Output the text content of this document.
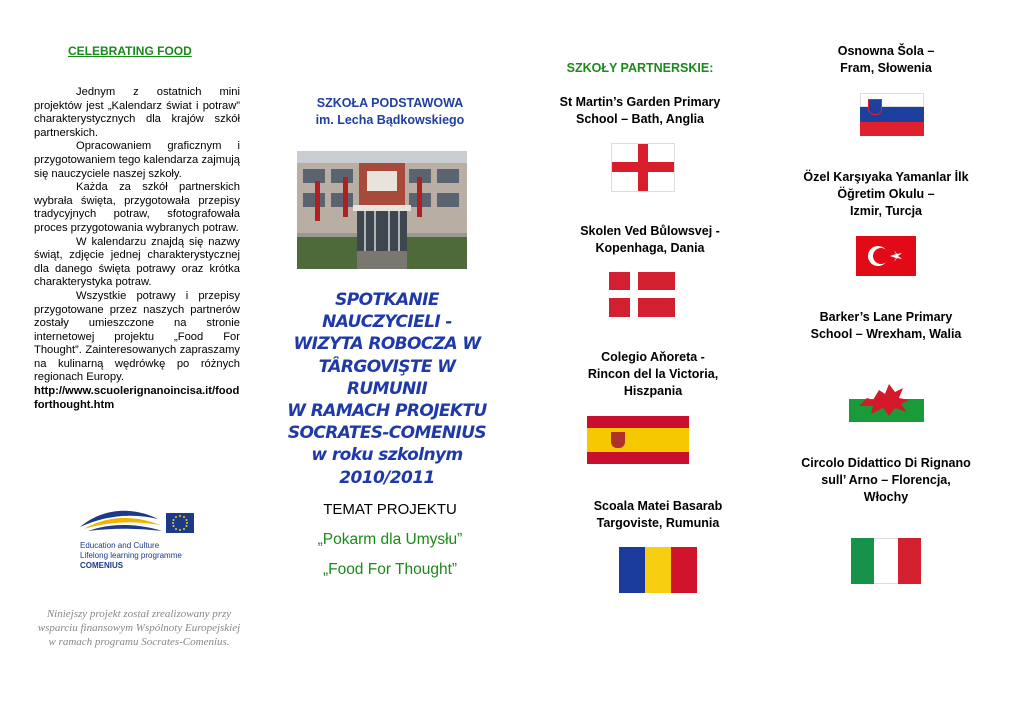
CELEBRATING FOOD

Jednym z ostatnich mini projektów jest „Kalendarz świat i potraw” charakterystycznych dla krajów szkół partnerskich.

Opracowaniem graficznym i przygotowaniem tego kalendarza zajmują się nauczyciele naszej szkoły.

Każda za szkół partnerskich wybrała święta, przygotowała przepisy tradycyjnych potraw, sfotografowała proces przygotowania wybranych potraw.

W kalendarzu znajdą się nazwy świąt, zdjęcie jednej charakterystycznej dla danego święta potrawy oraz krótka charakterystyka potraw.

Wszystkie potrawy i przepisy przygotowane przez naszych partnerów zostały umieszczone na stronie internetowej projektu „Food For Thought”. Zainteresowanych zapraszamy na kulinarną wędrówkę po różnych regionach Europy.

http://www.scuolerignanoincisa.it/foodforthought.htm

Education and Culture
Lifelong learning programme
COMENIUS
Niniejszy projekt został zrealizowany przy wsparciu finansowym Wspólnoty Europejskiej w ramach programu Socrates-Comenius.
SZKOŁA PODSTAWOWA
im. Lecha Bądkowskiego
SPOTKANIE
NAUCZYCIELI -
WIZYTA ROBOCZA W
TÂRGOVIŞTE W RUMUNII
W RAMACH PROJEKTU
SOCRATES-COMENIUS
w roku szkolnym
2010/2011
TEMAT PROJEKTU
„Pokarm dla Umysłu”
„Food For Thought”
SZKOŁY PARTNERSKIE:
St Martin’s Garden Primary
School – Bath, Anglia
Skolen Ved Bůlowsvej -
Kopenhaga, Dania
Colegio Aňoreta -
Rincon del la Victoria,
Hiszpania
Scoala Matei Basarab
Targoviste, Rumunia
Osnowna Šola –
Fram, Słowenia
Özel Karşıyaka Yamanlar İlk
Öğretim Okulu –
Izmir, Turcja
Barker’s Lane Primary
School – Wrexham, Walia
Circolo Didattico Di Rignano
sull’ Arno – Florencja,
Włochy
